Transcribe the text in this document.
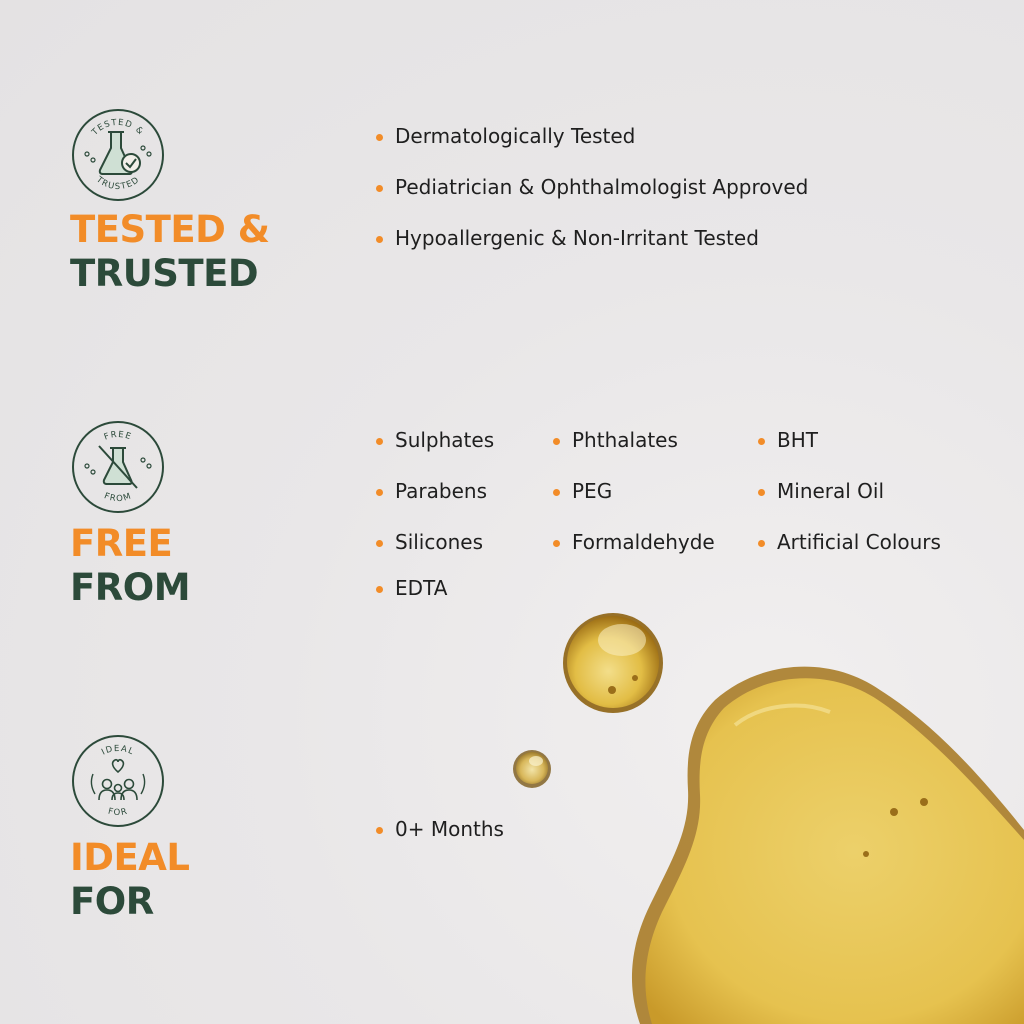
TESTED &
TRUSTED
TESTED &
TRUSTED
Dermatologically Tested
Pediatrician & Ophthalmologist Approved
Hypoallergenic & Non-Irritant Tested
FREE
FROM
FREE
FROM
Sulphates	Phthalates	BHT
Parabens	PEG	Mineral Oil
Silicones	Formaldehyde	Artificial Colours
EDTA
IDEAL
FOR
IDEAL
FOR
0+ Months
